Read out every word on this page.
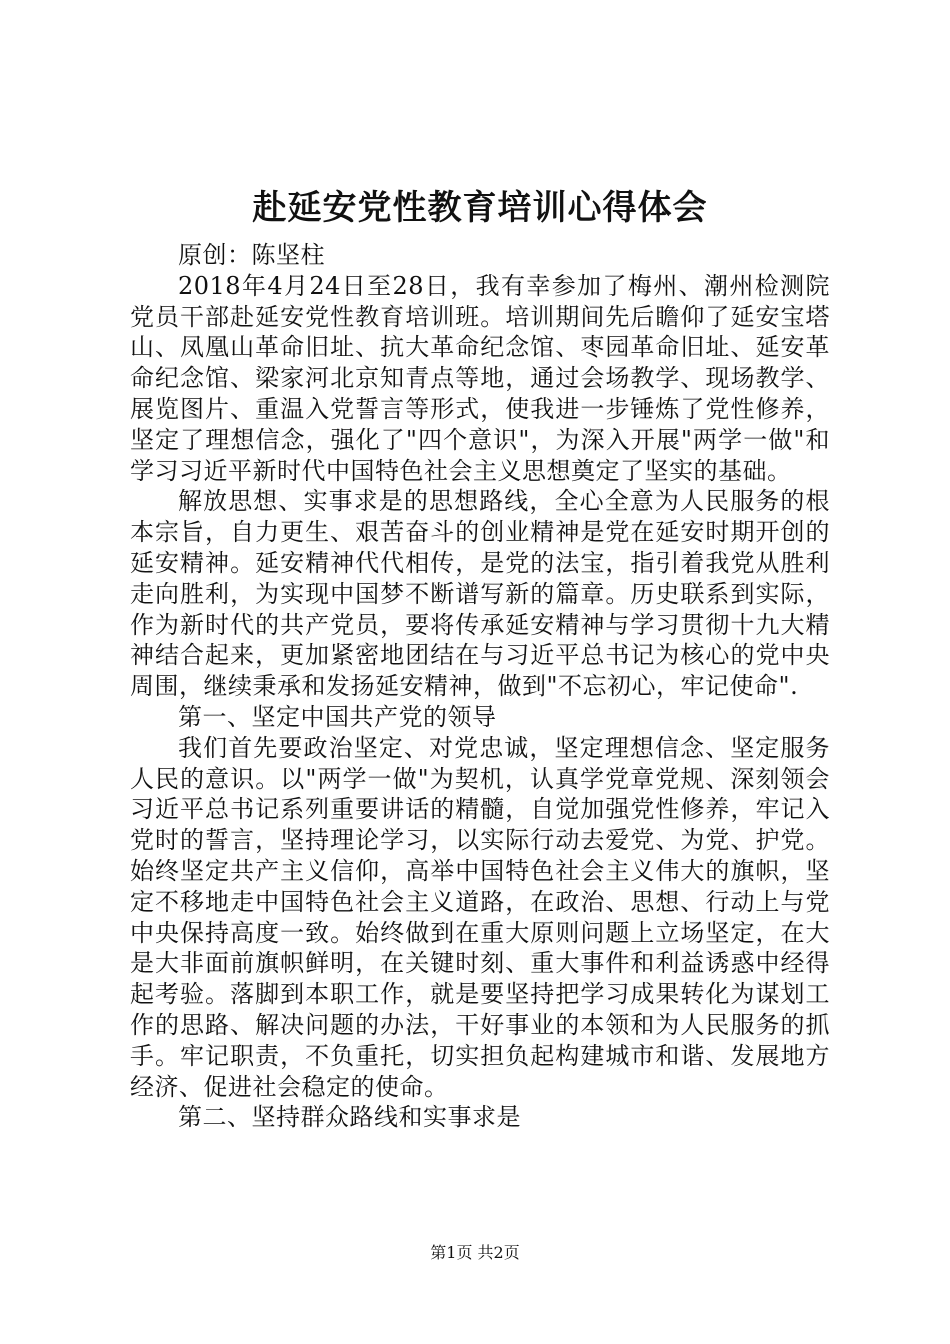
赴延安党性教育培训心得体会

原创：陈坚柱

2018年4月24日至28日，我有幸参加了梅州、潮州检测院党员干部赴延安党性教育培训班。培训期间先后瞻仰了延安宝塔山、凤凰山革命旧址、抗大革命纪念馆、枣园革命旧址、延安革命纪念馆、梁家河北京知青点等地，通过会场教学、现场教学、展览图片、重温入党誓言等形式，使我进一步锤炼了党性修养，坚定了理想信念，强化了"四个意识"，为深入开展"两学一做"和学习习近平新时代中国特色社会主义思想奠定了坚实的基础。

解放思想、实事求是的思想路线，全心全意为人民服务的根本宗旨，自力更生、艰苦奋斗的创业精神是党在延安时期开创的延安精神。延安精神代代相传，是党的法宝，指引着我党从胜利走向胜利，为实现中国梦不断谱写新的篇章。历史联系到实际，作为新时代的共产党员，要将传承延安精神与学习贯彻十九大精神结合起来，更加紧密地团结在与习近平总书记为核心的党中央周围，继续秉承和发扬延安精神，做到"不忘初心，牢记使命".

第一、坚定中国共产党的领导

我们首先要政治坚定、对党忠诚，坚定理想信念、坚定服务人民的意识。以"两学一做"为契机，认真学党章党规、深刻领会习近平总书记系列重要讲话的精髓，自觉加强党性修养，牢记入党时的誓言，坚持理论学习，以实际行动去爱党、为党、护党。始终坚定共产主义信仰，高举中国特色社会主义伟大的旗帜，坚定不移地走中国特色社会主义道路，在政治、思想、行动上与党中央保持高度一致。始终做到在重大原则问题上立场坚定，在大是大非面前旗帜鲜明，在关键时刻、重大事件和利益诱惑中经得起考验。落脚到本职工作，就是要坚持把学习成果转化为谋划工作的思路、解决问题的办法，干好事业的本领和为人民服务的抓手。牢记职责，不负重托，切实担负起构建城市和谐、发展地方经济、促进社会稳定的使命。

第二、坚持群众路线和实事求是

第1页 共2页
